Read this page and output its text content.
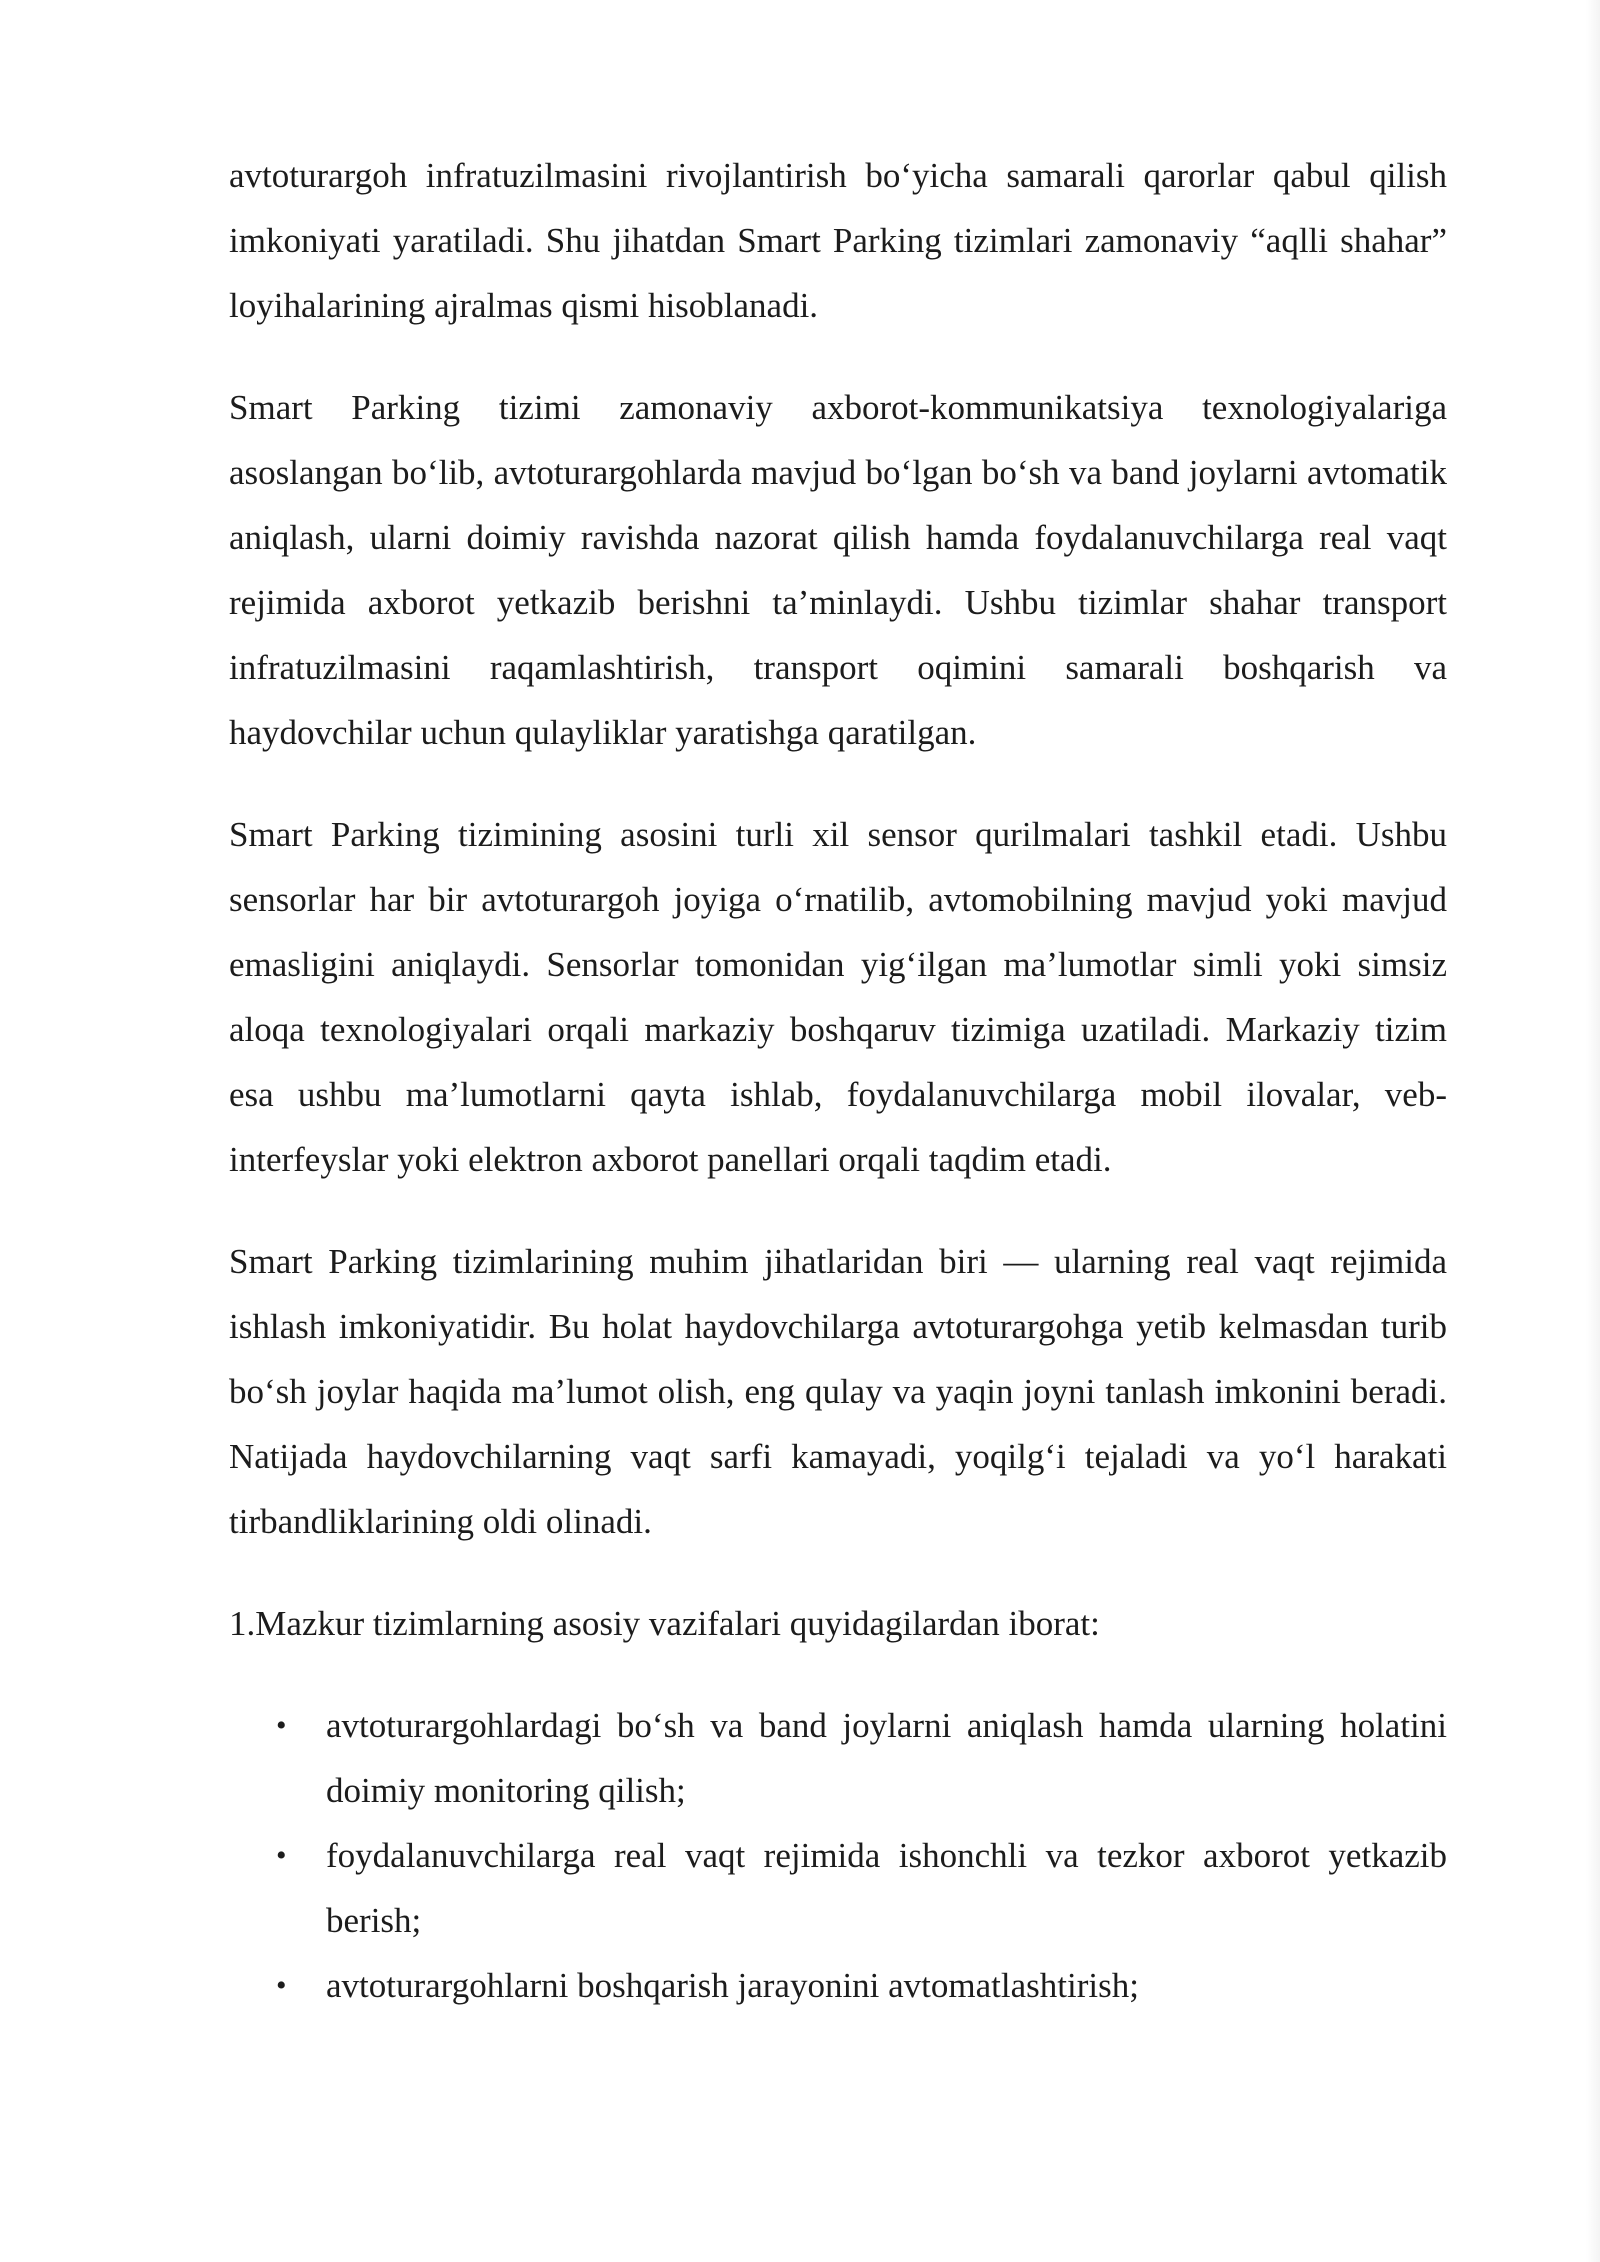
avtoturargoh infratuzilmasini rivojlantirish bo‘yicha samarali qarorlar qabul qilish imkoniyati yaratiladi. Shu jihatdan Smart Parking tizimlari zamonaviy “aqlli shahar” loyihalarining ajralmas qismi hisoblanadi.

Smart Parking tizimi zamonaviy axborot-kommunikatsiya texnologiyalariga asoslangan bo‘lib, avtoturargohlarda mavjud bo‘lgan bo‘sh va band joylarni avtomatik aniqlash, ularni doimiy ravishda nazorat qilish hamda foydalanuvchilarga real vaqt rejimida axborot yetkazib berishni ta’minlaydi. Ushbu tizimlar shahar transport infratuzilmasini raqamlashtirish, transport oqimini samarali boshqarish va haydovchilar uchun qulayliklar yaratishga qaratilgan.

Smart Parking tizimining asosini turli xil sensor qurilmalari tashkil etadi. Ushbu sensorlar har bir avtoturargoh joyiga o‘rnatilib, avtomobilning mavjud yoki mavjud emasligini aniqlaydi. Sensorlar tomonidan yig‘ilgan ma’lumotlar simli yoki simsiz aloqa texnologiyalari orqali markaziy boshqaruv tizimiga uzatiladi. Markaziy tizim esa ushbu ma’lumotlarni qayta ishlab, foydalanuvchilarga mobil ilovalar, veb-interfeyslar yoki elektron axborot panellari orqali taqdim etadi.

Smart Parking tizimlarining muhim jihatlaridan biri — ularning real vaqt rejimida ishlash imkoniyatidir. Bu holat haydovchilarga avtoturargohga yetib kelmasdan turib bo‘sh joylar haqida ma’lumot olish, eng qulay va yaqin joyni tanlash imkonini beradi. Natijada haydovchilarning vaqt sarfi kamayadi, yoqilg‘i tejaladi va yo‘l harakati tirbandliklarining oldi olinadi.

1.Mazkur tizimlarning asosiy vazifalari quyidagilardan iborat:

• avtoturargohlardagi bo‘sh va band joylarni aniqlash hamda ularning holatini doimiy monitoring qilish;
• foydalanuvchilarga real vaqt rejimida ishonchli va tezkor axborot yetkazib berish;
• avtoturargohlarni boshqarish jarayonini avtomatlashtirish;
